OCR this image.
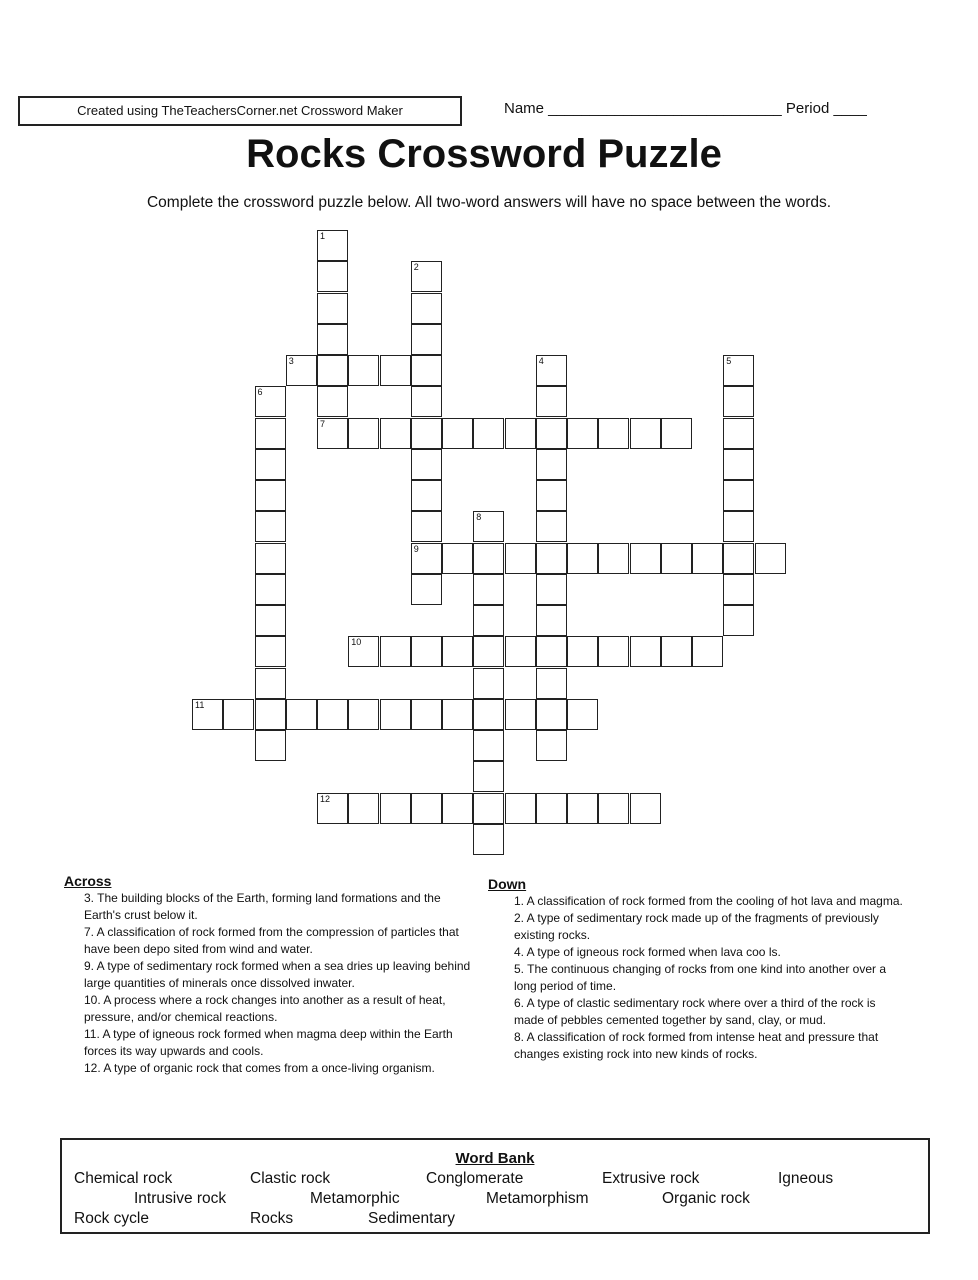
Created using TheTeachersCorner.net Crossword Maker	Name ____________________________ Period ____
Rocks Crossword Puzzle
Complete the crossword puzzle below. All two-word answers will have no space between the words.
1
7
2
9
3	4	5
6
8
10
11
12
Across

3. The building blocks of the Earth, forming land formations and the Earth's crust below it.

7. A classification of rock formed from the compression of particles that have been depo sited from wind and water.

9. A type of sedimentary rock formed when a sea dries up leaving behind large quantities of minerals once dissolved inwater.

10. A process where a rock changes into another as a result of heat, pressure, and/or chemical reactions.

11. A type of igneous rock formed when magma deep within the Earth forces its way upwards and cools.

12. A type of organic rock that comes from a once-living organism.

Down

1. A classification of rock formed from the cooling of hot lava and magma.

2. A type of sedimentary rock made up of the fragments of previously existing rocks.

4. A type of igneous rock formed when lava coo ls.

5. The continuous changing of rocks from one kind into another over a long period of time.

6. A type of clastic sedimentary rock where over a third of the rock is made of pebbles cemented together by sand, clay, or mud.

8. A classification of rock formed from intense heat and pressure that changes existing rock into new kinds of rocks.

Word Bank
Chemical rock	Clastic rock	Conglomerate	Extrusive rock	Igneous
Intrusive rock	Metamorphic	Metamorphism	Organic rock
Rock cycle	Rocks	Sedimentary
